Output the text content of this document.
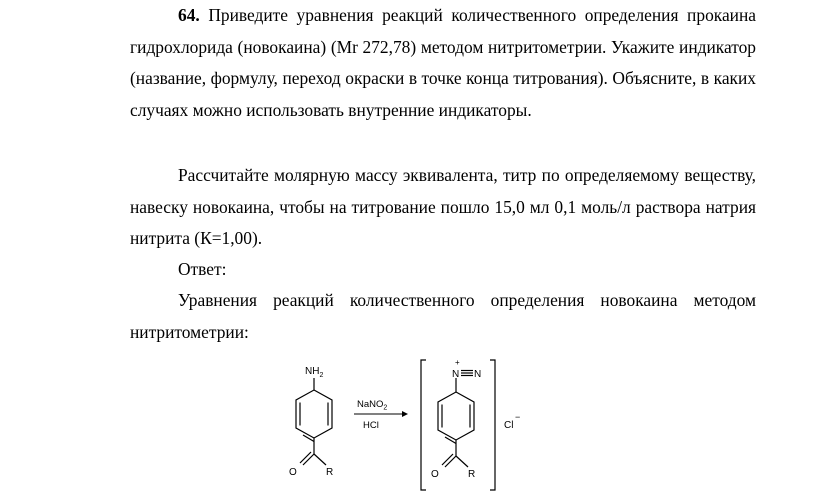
64. Приведите уравнения реакций количественного определения прокаина гидрохлорида (новокаина) (Mr 272,78) методом нитритометрии. Укажите индикатор (название, формулу, переход окраски в точке конца титрования). Объясните, в каких случаях можно использовать внутренние индикаторы.

Рассчитайте молярную массу эквивалента, титр по определяемому веществу, навеску новокаина, чтобы на титрование пошло 15,0 мл 0,1 моль/л раствора натрия нитрита (К=1,00).

Ответ:

Уравнения реакций количественного определения новокаина методом нитритометрии:

$NH_2$
O	R
NaNO$_2$
HCl
N
+
N
O	R
Cl
−
